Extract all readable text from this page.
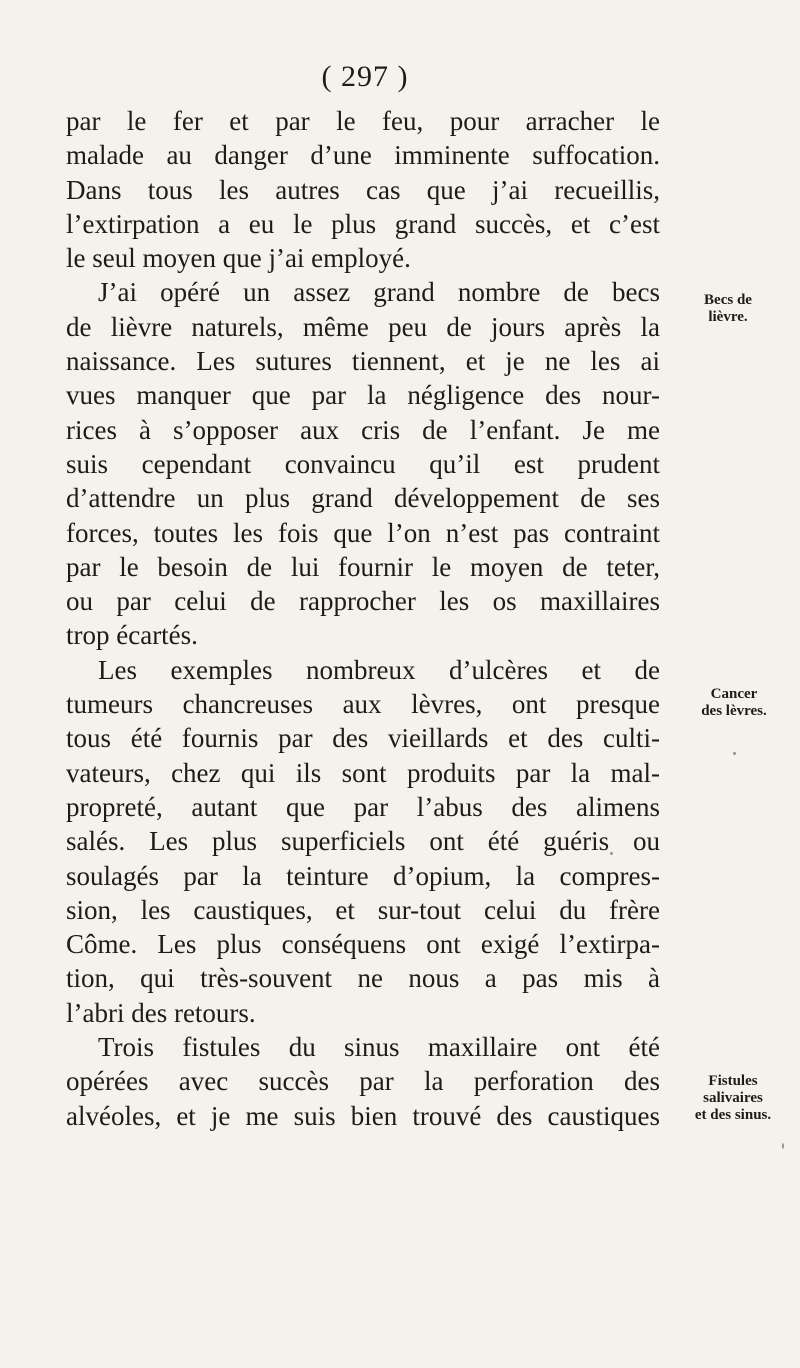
( 297 )

par le fer et par le feu, pour arracher le

malade au danger d’une imminente suffocation.

Dans tous les autres cas que j’ai recueillis,

l’extirpation a eu le plus grand succès, et c’est

le seul moyen que j’ai employé.

J’ai opéré un assez grand nombre de becs

de lièvre naturels, même peu de jours après la

naissance. Les sutures tiennent, et je ne les ai

vues manquer que par la négligence des nour-

rices à s’opposer aux cris de l’enfant. Je me

suis cependant convaincu qu’il est prudent

d’attendre un plus grand développement de ses

forces, toutes les fois que l’on n’est pas contraint

par le besoin de lui fournir le moyen de teter,

ou par celui de rapprocher les os maxillaires

trop écartés.

Les exemples nombreux d’ulcères et de

tumeurs chancreuses aux lèvres, ont presque

tous été fournis par des vieillards et des culti-

vateurs, chez qui ils sont produits par la mal-

propreté, autant que par l’abus des alimens

salés. Les plus superficiels ont été guéris ou

soulagés par la teinture d’opium, la compres-

sion, les caustiques, et sur-tout celui du frère

Côme. Les plus conséquens ont exigé l’extirpa-

tion, qui très-souvent ne nous a pas mis à

l’abri des retours.

Trois fistules du sinus maxillaire ont été

opérées avec succès par la perforation des

alvéoles, et je me suis bien trouvé des caustiques

Becs de
lièvre.
Cancer
des lèvres.
Fistules
salivaires
et des sinus.
